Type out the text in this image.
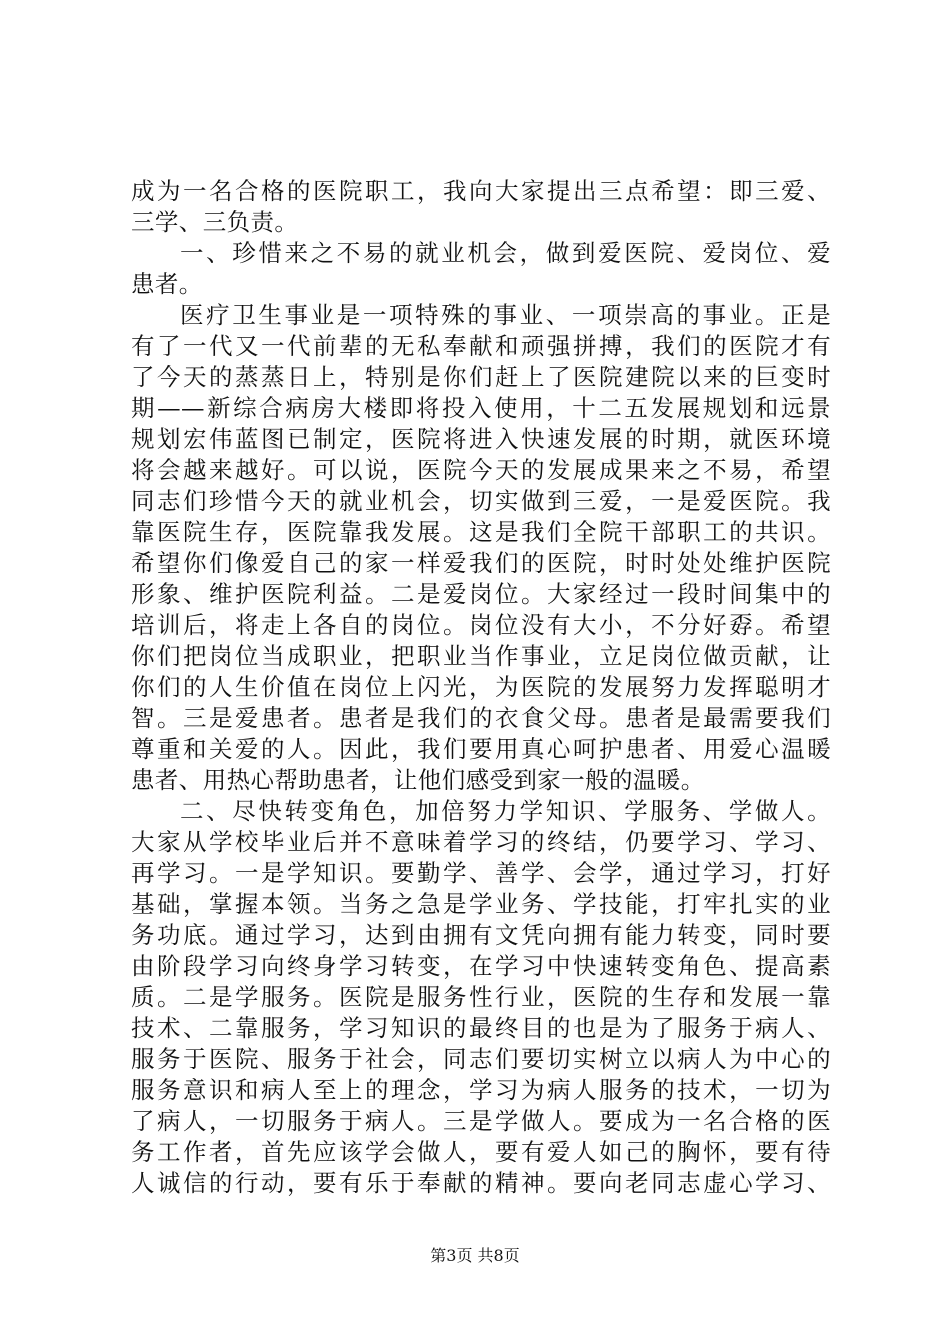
成为一名合格的医院职工，我向大家提出三点希望：即三爱、
三学、三负责。
一、珍惜来之不易的就业机会，做到爱医院、爱岗位、爱
患者。
医疗卫生事业是一项特殊的事业、一项崇高的事业。正是
有了一代又一代前辈的无私奉献和顽强拼搏，我们的医院才有
了今天的蒸蒸日上，特别是你们赶上了医院建院以来的巨变时
期——新综合病房大楼即将投入使用，十二五发展规划和远景
规划宏伟蓝图已制定，医院将进入快速发展的时期，就医环境
将会越来越好。可以说，医院今天的发展成果来之不易，希望
同志们珍惜今天的就业机会，切实做到三爱，一是爱医院。我
靠医院生存，医院靠我发展。这是我们全院干部职工的共识。
希望你们像爱自己的家一样爱我们的医院，时时处处维护医院
形象、维护医院利益。二是爱岗位。大家经过一段时间集中的
培训后，将走上各自的岗位。岗位没有大小，不分好孬。希望
你们把岗位当成职业，把职业当作事业，立足岗位做贡献，让
你们的人生价值在岗位上闪光，为医院的发展努力发挥聪明才
智。三是爱患者。患者是我们的衣食父母。患者是最需要我们
尊重和关爱的人。因此，我们要用真心呵护患者、用爱心温暖
患者、用热心帮助患者，让他们感受到家一般的温暖。
二、尽快转变角色，加倍努力学知识、学服务、学做人。
大家从学校毕业后并不意味着学习的终结，仍要学习、学习、
再学习。一是学知识。要勤学、善学、会学，通过学习，打好
基础，掌握本领。当务之急是学业务、学技能，打牢扎实的业
务功底。通过学习，达到由拥有文凭向拥有能力转变，同时要
由阶段学习向终身学习转变，在学习中快速转变角色、提高素
质。二是学服务。医院是服务性行业，医院的生存和发展一靠
技术、二靠服务，学习知识的最终目的也是为了服务于病人、
服务于医院、服务于社会，同志们要切实树立以病人为中心的
服务意识和病人至上的理念，学习为病人服务的技术，一切为
了病人，一切服务于病人。三是学做人。要成为一名合格的医
务工作者，首先应该学会做人，要有爱人如己的胸怀，要有待
人诚信的行动，要有乐于奉献的精神。要向老同志虚心学习、
第3页 共8页
